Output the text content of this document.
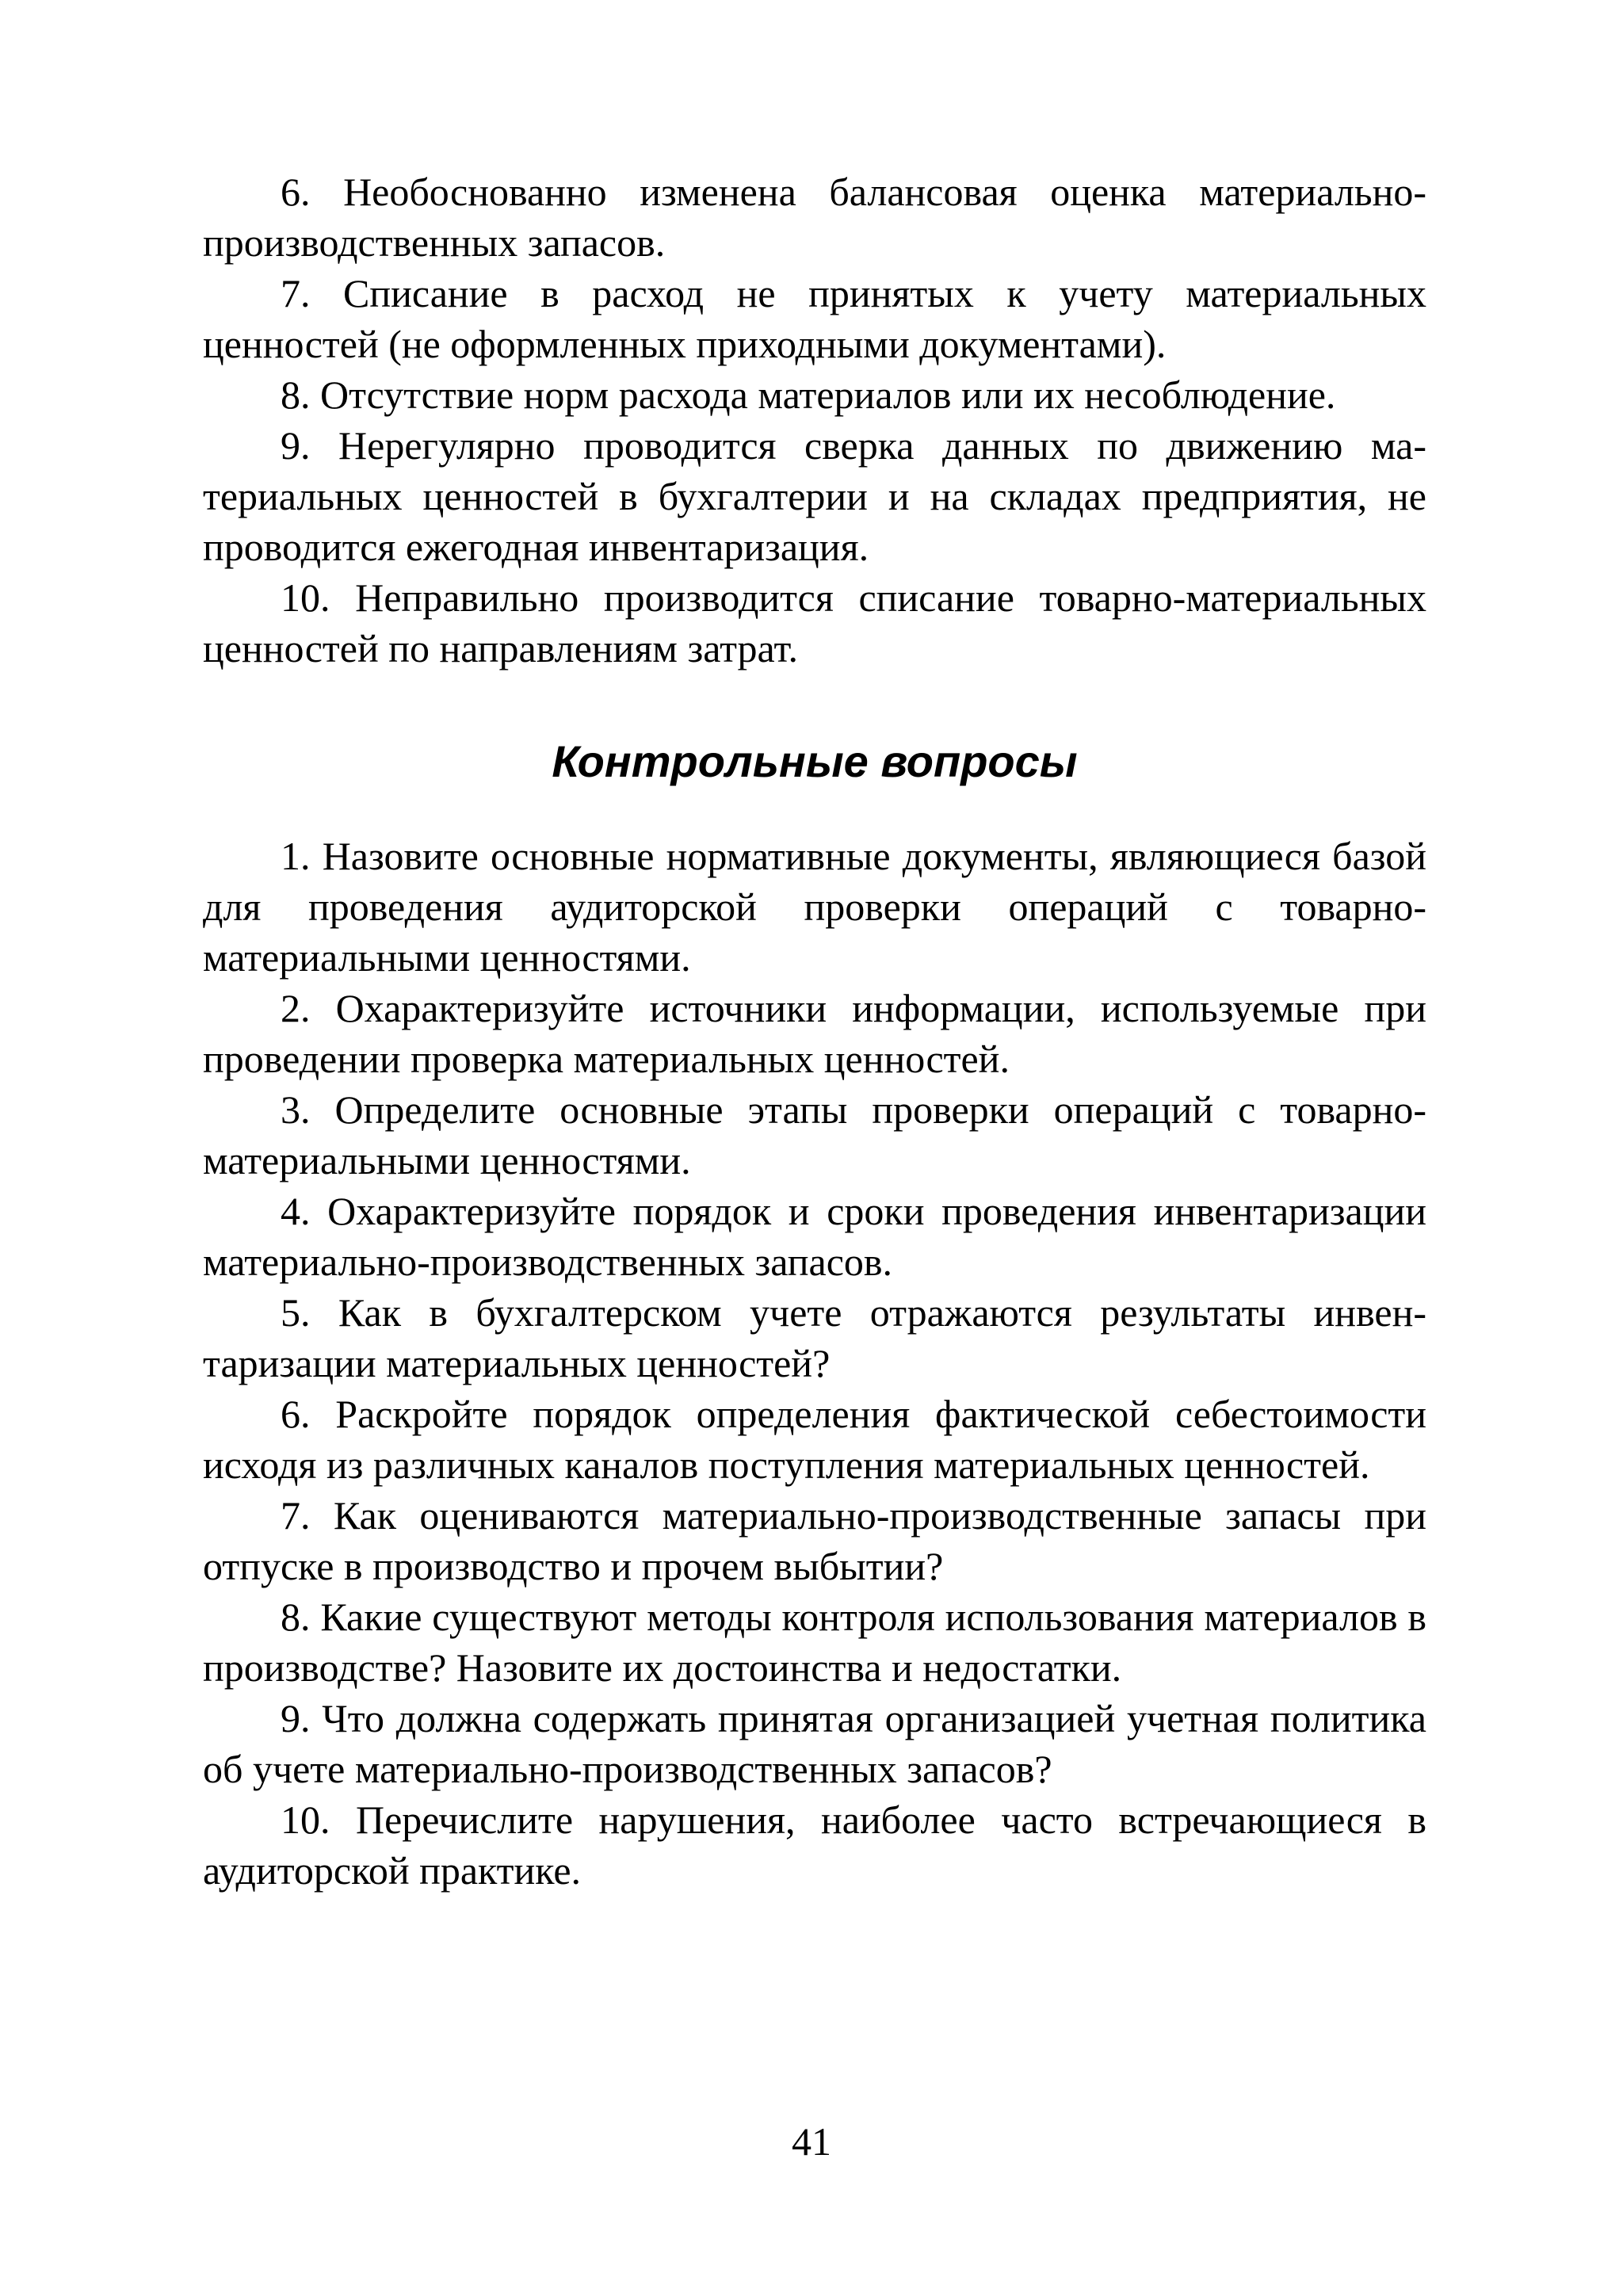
6. Необоснованно изменена балансовая оценка материально-производственных запасов.

7. Списание в расход не принятых к учету материальных ценностей (не оформленных приходными документами).

8. Отсутствие норм расхода материалов или их несоблюдение.

9. Нерегулярно проводится сверка данных по движению материальных ценностей в бухгалтерии и на складах предприятия, не проводится ежегодная инвентаризация.

10. Неправильно производится списание товарно-материальных ценностей по направлениям затрат.

Контрольные вопросы

1. Назовите основные нормативные документы, являющиеся базой для проведения аудиторской проверки операций с товарно-материальными ценностями.

2. Охарактеризуйте источники информации, используемые при проведении проверка материальных ценностей.

3. Определите основные этапы проверки операций с товарно-материальными ценностями.

4. Охарактеризуйте порядок и сроки проведения инвентаризации материально-производственных запасов.

5. Как в бухгалтерском учете отражаются результаты инвентаризации материальных ценностей?

6. Раскройте порядок определения фактической себестоимости исходя из различных каналов поступления материальных ценностей.

7. Как оцениваются материально-производственные запасы при отпуске в производство и прочем выбытии?

8. Какие существуют методы контроля использования материалов в производстве? Назовите их достоинства и недостатки.

9. Что должна содержать принятая организацией учетная политика об учете материально-производственных запасов?

10. Перечислите нарушения, наиболее часто встречающиеся в аудиторской практике.

41
